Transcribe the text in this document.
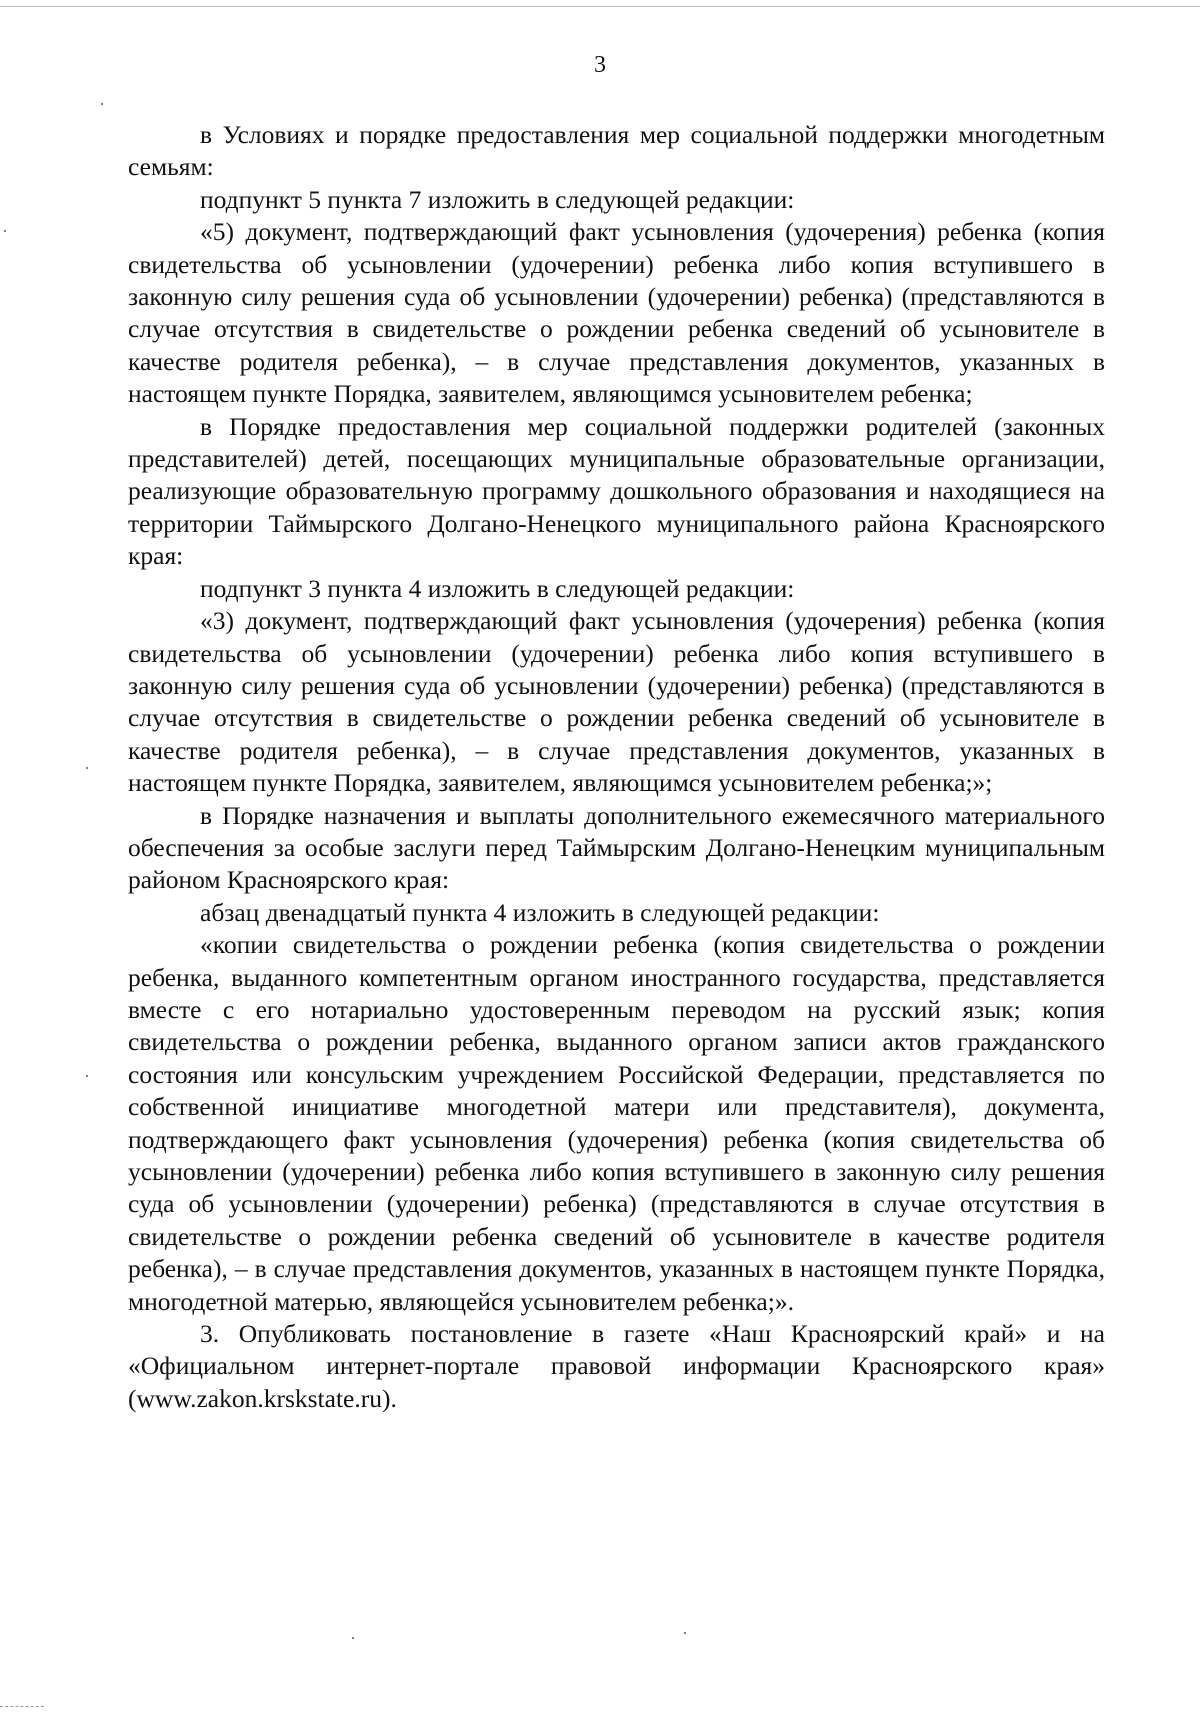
3

в Условиях и порядке предоставления мер социальной поддержки многодетным семьям:

подпункт 5 пункта 7 изложить в следующей редакции:

«5) документ, подтверждающий факт усыновления (удочерения) ребенка (копия свидетельства об усыновлении (удочерении) ребенка либо копия вступившего в законную силу решения суда об усыновлении (удочерении) ребенка) (представляются в случае отсутствия в свидетельстве о рождении ребенка сведений об усыновителе в качестве родителя ребенка), – в случае представления документов, указанных в настоящем пункте Порядка, заявителем, являющимся усыновителем ребенка;

в Порядке предоставления мер социальной поддержки родителей (законных представителей) детей, посещающих муниципальные образовательные организации, реализующие образовательную программу дошкольного образования и находящиеся на территории Таймырского Долгано-Ненецкого муниципального района Красноярского края:

подпункт 3 пункта 4 изложить в следующей редакции:

«3) документ, подтверждающий факт усыновления (удочерения) ребенка (копия свидетельства об усыновлении (удочерении) ребенка либо копия вступившего в законную силу решения суда об усыновлении (удочерении) ребенка) (представляются в случае отсутствия в свидетельстве о рождении ребенка сведений об усыновителе в качестве родителя ребенка), – в случае представления документов, указанных в настоящем пункте Порядка, заявителем, являющимся усыновителем ребенка;»;

в Порядке назначения и выплаты дополнительного ежемесячного материального обеспечения за особые заслуги перед Таймырским Долгано-Ненецким муниципальным районом Красноярского края:

абзац двенадцатый пункта 4 изложить в следующей редакции:

«копии свидетельства о рождении ребенка (копия свидетельства о рождении ребенка, выданного компетентным органом иностранного государства, представляется вместе с его нотариально удостоверенным переводом на русский язык; копия свидетельства о рождении ребенка, выданного органом записи актов гражданского состояния или консульским учреждением Российской Федерации, представляется по собственной инициативе многодетной матери или представителя), документа, подтверждающего факт усыновления (удочерения) ребенка (копия свидетельства об усыновлении (удочерении) ребенка либо копия вступившего в законную силу решения суда об усыновлении (удочерении) ребенка) (представляются в случае отсутствия в свидетельстве о рождении ребенка сведений об усыновителе в качестве родителя ребенка), – в случае представления документов, указанных в настоящем пункте Порядка, многодетной матерью, являющейся усыновителем ребенка;».

3. Опубликовать постановление в газете «Наш Красноярский край» и на «Официальном интернет-портале правовой информации Красноярского края» (www.zakon.krskstate.ru).
